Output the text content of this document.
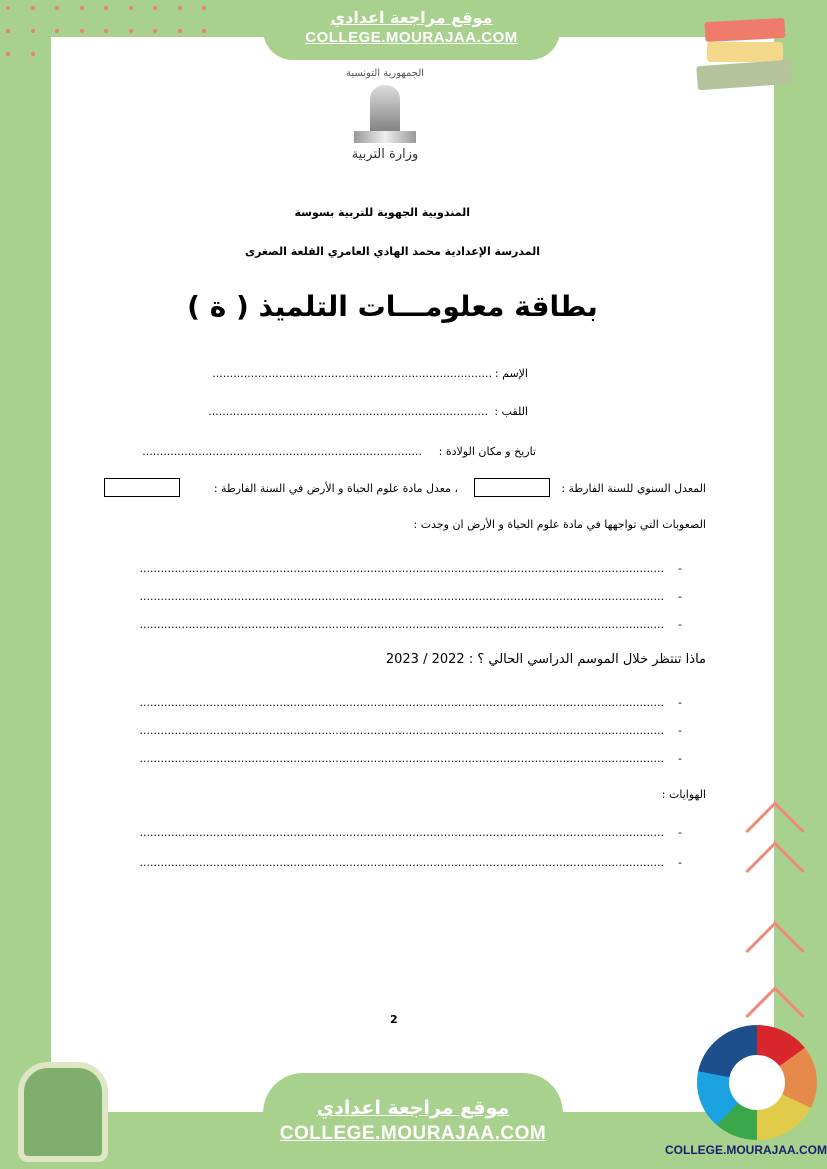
موقع مراجعة اعدادي
COLLEGE.MOURAJAA.COM
الجمهورية التونسية
وزارة التربية
المندوبية الجهوية للتربية بسوسة
المدرسة الإعدادية محمد الهادي العامري القلعة الصغرى
بطاقة معلومـــات التلميذ ( ة )
الإسم :
................................................................................
اللقب :
................................................................................
تاريخ و مكان الولادة :
................................................................................
المعدل السنوي للسنة الفارطة :
، معدل مادة علوم الحياة و الأرض في السنة الفارطة :
الصعوبات التي تواجهها في مادة علوم الحياة و الأرض ان وجدت :
-
......................................................................................................................................................
-
......................................................................................................................................................
-
......................................................................................................................................................
ماذا تنتظر خلال الموسم الدراسي الحالي ؟ : 2022 / 2023
-
......................................................................................................................................................
-
......................................................................................................................................................
-
......................................................................................................................................................
الهوايات :
-
......................................................................................................................................................
-
......................................................................................................................................................
2
COLLEGE.MOURAJAA.COM
موقع مراجعة اعدادي
COLLEGE.MOURAJAA.COM
